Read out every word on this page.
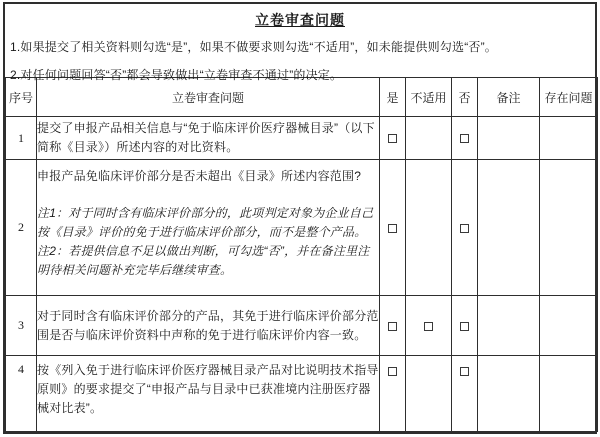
立卷审查问题
1.如果提交了相关资料则勾选“是”，如果不做要求则勾选“不适用”，如未能提供则勾选“否”。
2.对任何问题回答“否”都会导致做出“立卷审查不通过”的决定。
序号	立卷审查问题	是	不适用	否	备注	存在问题
1	提交了申报产品相关信息与“免于临床评价医疗器械目录”（以下简称《目录》）所述内容的对比资料。					

2	申报产品免临床评价部分是否未超出《目录》所述内容范围?

注1：对于同时含有临床评价部分的，此项判定对象为企业自己按《目录》评价的免于进行临床评价部分，而不是整个产品。

注2：若提供信息不足以做出判断，可勾选“否”，并在备注里注明待相关问题补充完毕后继续审查。					

3	对于同时含有临床评价部分的产品，其免于进行临床评价部分范围是否与临床评价资料中声称的免于进行临床评价内容一致。					

4	按《列入免于进行临床评价医疗器械目录产品对比说明技术指导原则》的要求提交了“申报产品与目录中已获准境内注册医疗器械对比表”。					
